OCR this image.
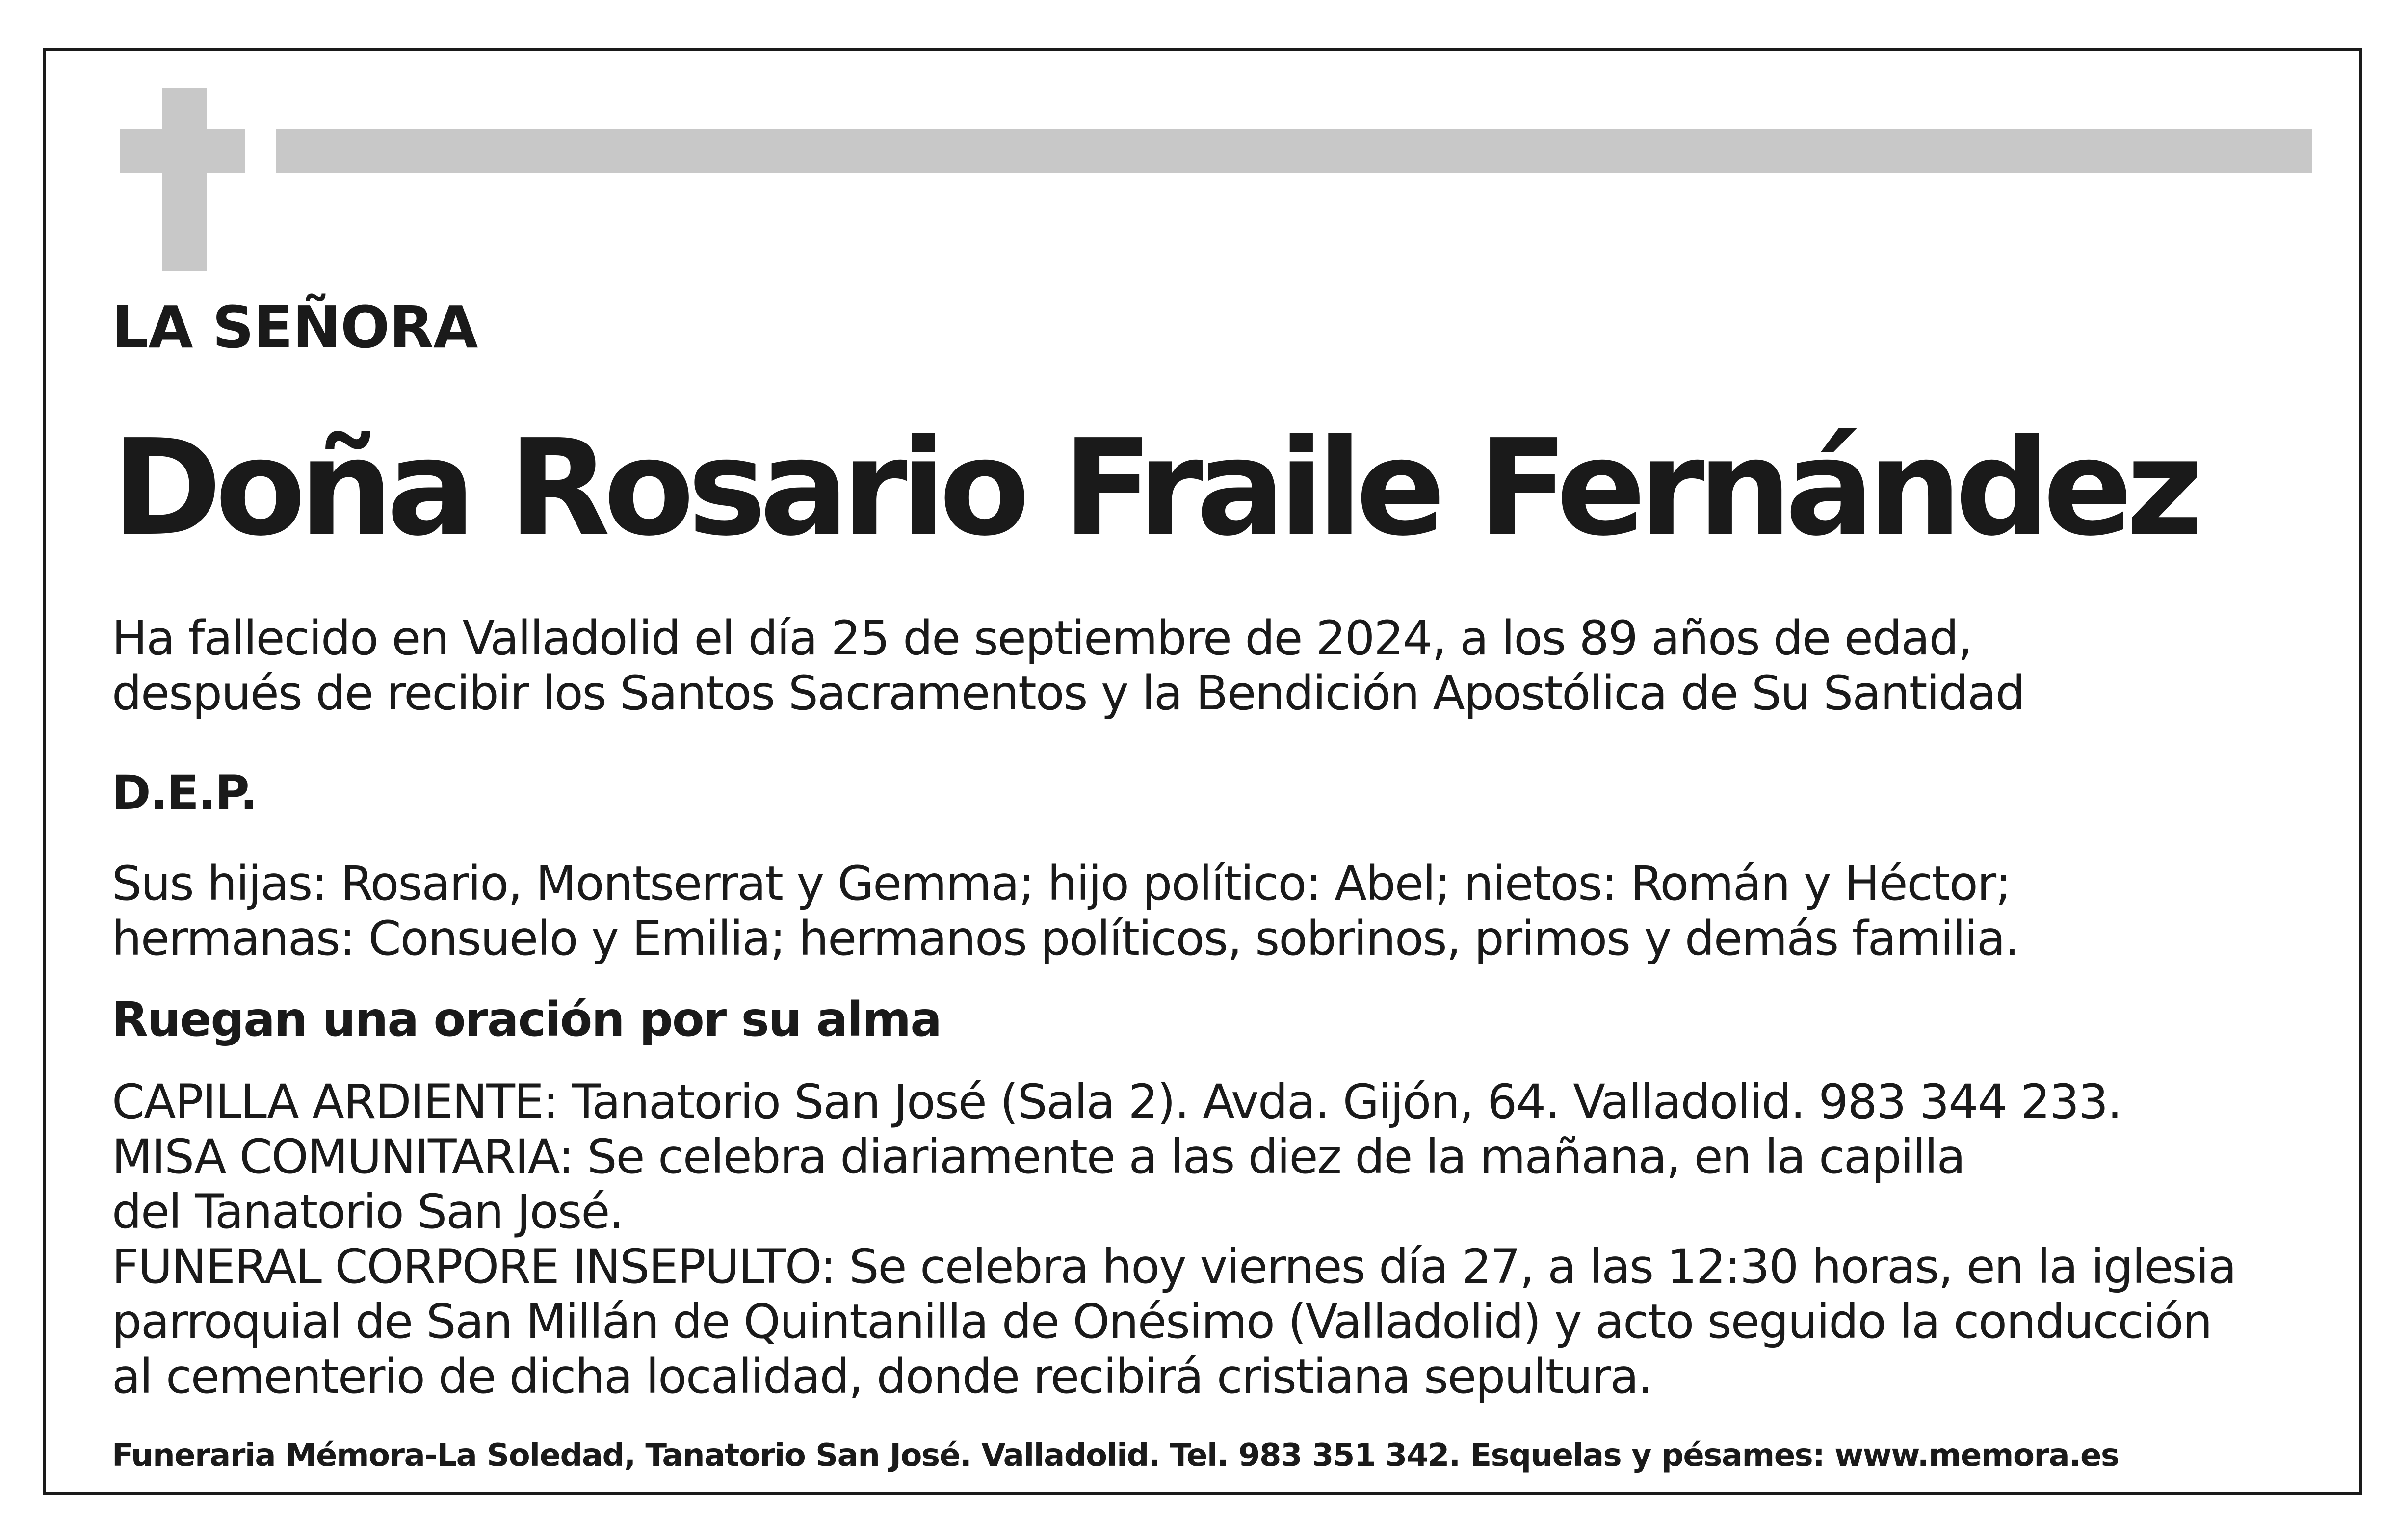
LA SEÑORA

Doña Rosario Fraile Fernández

Ha fallecido en Valladolid el día 25 de septiembre de 2024, a los 89 años de edad,
después de recibir los Santos Sacramentos y la Bendición Apostólica de Su Santidad

D.E.P.

Sus hijas: Rosario, Montserrat y Gemma; hijo político: Abel; nietos: Román y Héctor;
hermanas: Consuelo y Emilia; hermanos políticos, sobrinos, primos y demás familia.

Ruegan una oración por su alma

CAPILLA ARDIENTE: Tanatorio San José (Sala 2). Avda. Gijón, 64. Valladolid. 983 344 233.
MISA COMUNITARIA: Se celebra diariamente a las diez de la mañana, en la capilla
del Tanatorio San José.
FUNERAL CORPORE INSEPULTO: Se celebra hoy viernes día 27, a las 12:30 horas, en la iglesia
parroquial de San Millán de Quintanilla de Onésimo (Valladolid) y acto seguido la conducción
al cementerio de dicha localidad, donde recibirá cristiana sepultura.

Funeraria Mémora-La Soledad, Tanatorio San José. Valladolid. Tel. 983 351 342. Esquelas y pésames: www.memora.es
